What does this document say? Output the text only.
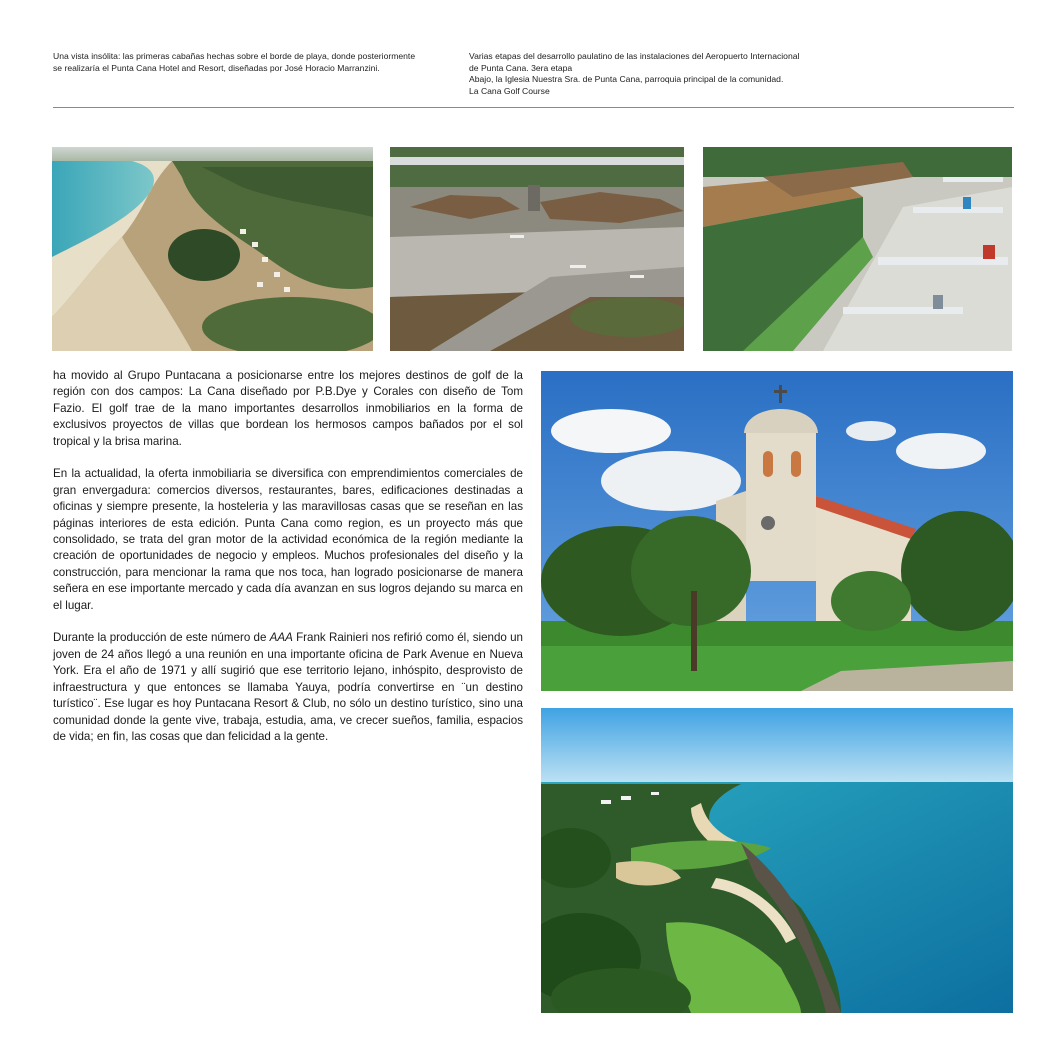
Una vista insólita: las primeras cabañas hechas sobre el borde de playa, donde posteriormente
se realizaría el Punta Cana Hotel and Resort, diseñadas por José Horacio Marranzini.
Varias etapas del desarrollo paulatino de las instalaciones del Aeropuerto Internacional
de Punta Cana. 3era etapa
Abajo, la Iglesia Nuestra Sra. de Punta Cana, parroquia principal de la comunidad.
La Cana Golf Course

ha movido al Grupo Puntacana a posicionarse entre los mejores destinos de golf de la región con dos campos: La Cana diseñado por P.B.Dye y Corales con diseño de Tom Fazio. El golf trae de la mano importantes desarrollos inmobiliarios en la forma de exclusivos proyectos de villas que bordean los hermosos campos bañados por el sol tropical y la brisa marina.

En la actualidad, la oferta inmobiliaria se diversifica con emprendimientos comerciales de gran envergadura: comercios diversos, restaurantes, bares, edificaciones destinadas a oficinas y siempre presente, la hosteleria y las maravillosas casas que se reseñan en las páginas interiores de esta edición. Punta Cana como region, es un proyecto más que consolidado, se trata del gran motor de la actividad económica de la región mediante la creación de oportunidades de negocio y empleos. Muchos profesionales del diseño y la construcción, para mencionar la rama que nos toca, han logrado posicionarse de manera señera en ese importante mercado y cada día avanzan en sus logros dejando su marca en el lugar.

Durante la producción de este número de AAA Frank Rainieri nos refirió como él, siendo un joven de 24 años llegó a una reunión en una importante oficina de Park Avenue en Nueva York. Era el año de 1971 y allí sugirió que ese territorio lejano, inhóspito, desprovisto de infraestructura y que entonces se llamaba Yauya, podría convertirse en ¨un destino turístico¨. Ese lugar es hoy Puntacana Resort & Club, no sólo un destino turístico, sino una comunidad donde la gente vive, trabaja, estudia, ama, ve crecer sueños, familia, espacios de vida; en fin, las cosas que dan felicidad a la gente.
